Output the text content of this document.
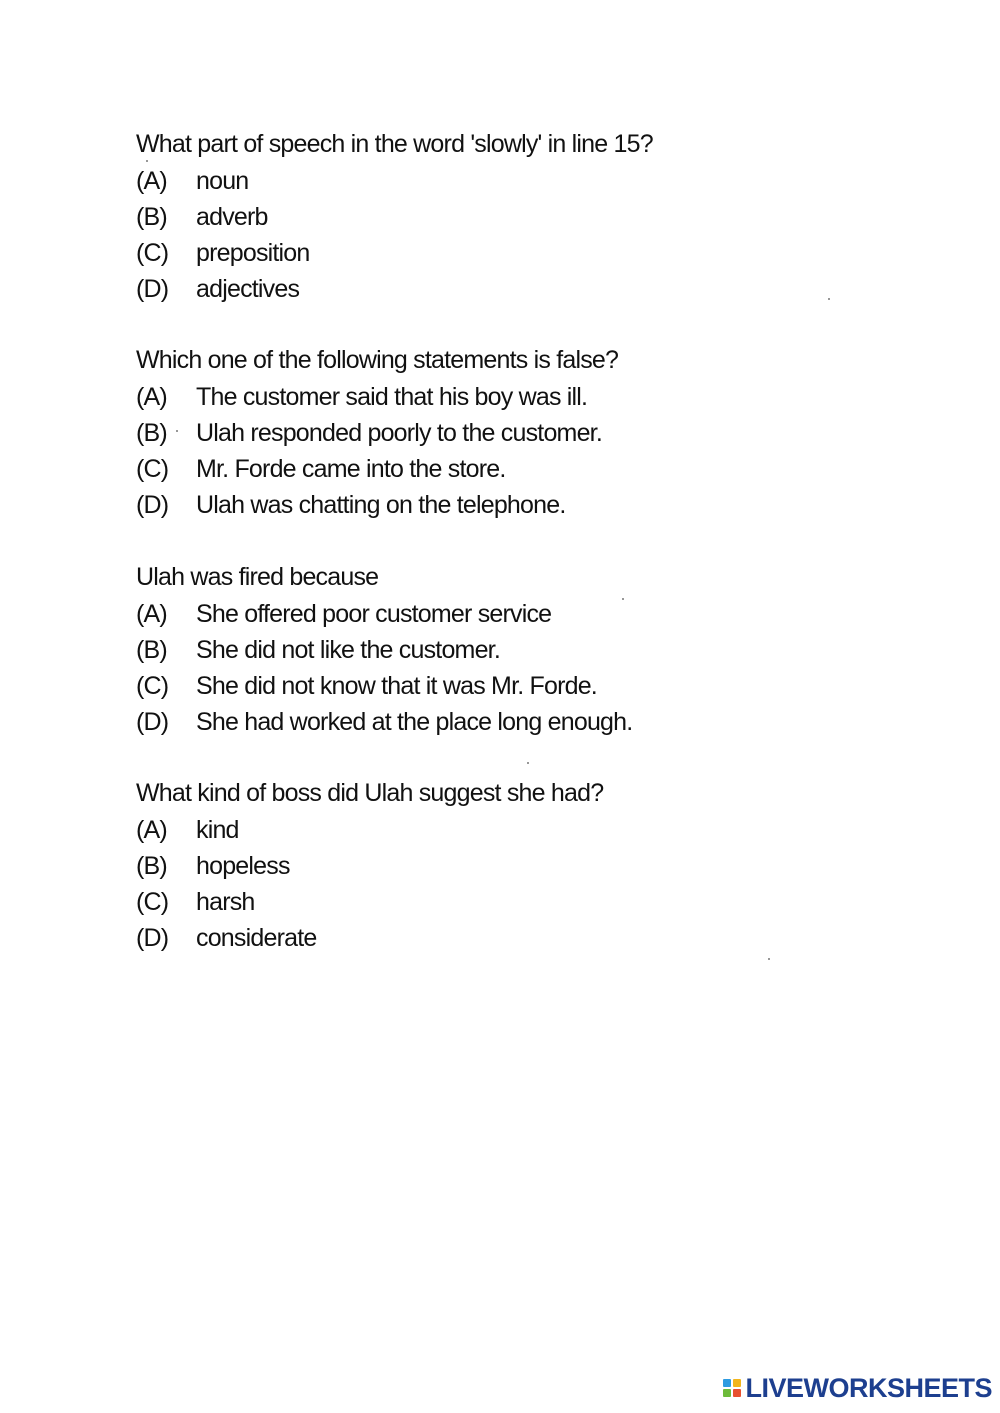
What part of speech in the word 'slowly' in line 15?
(A)	noun
(B)	adverb
(C)	preposition
(D)	adjectives
Which one of the following statements is false?
(A)	The customer said that his boy was ill.
(B)	Ulah responded poorly to the customer.
(C)	Mr. Forde came into the store.
(D)	Ulah was chatting on the telephone.
Ulah was fired because
(A)	She offered poor customer service
(B)	She did not like the customer.
(C)	She did not know that it was Mr. Forde.
(D)	She had worked at the place long enough.
What kind of boss did Ulah suggest she had?
(A)	kind
(B)	hopeless
(C)	harsh
(D)	considerate
LIVEWORKSHEETS
